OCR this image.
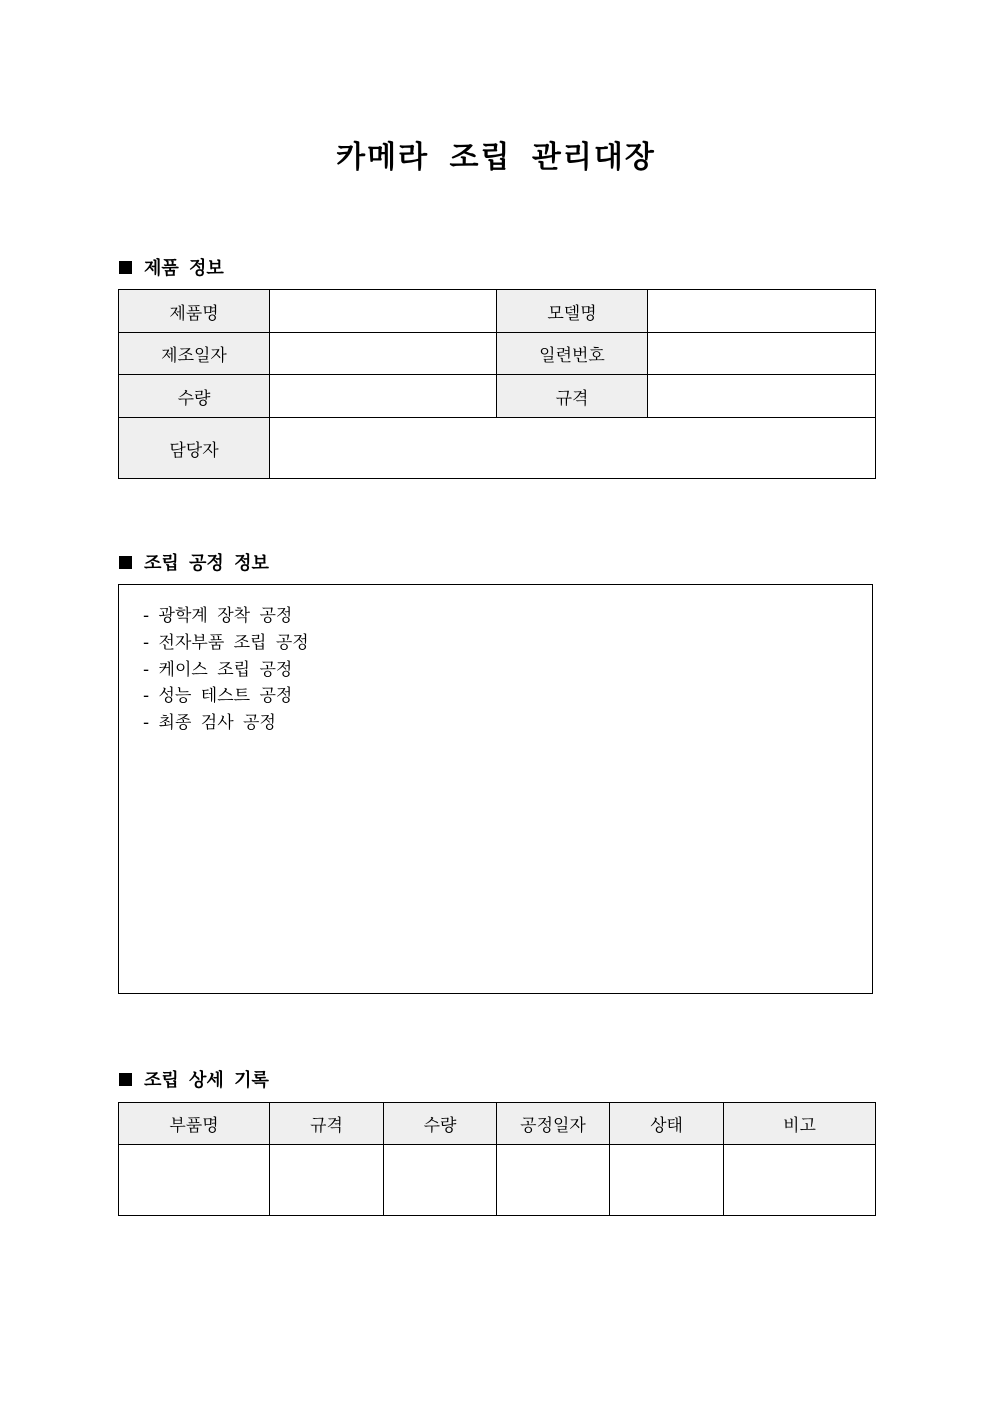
카메라 조립 관리대장
제품 정보
제품명		모델명	
제조일자		일련번호	
수량		규격	
담당자			
조립 공정 정보
- 광학계 장착 공정
- 전자부품 조립 공정
- 케이스 조립 공정
- 성능 테스트 공정
- 최종 검사 공정
조립 상세 기록
부품명	규격	수량	공정일자	상태	비고
